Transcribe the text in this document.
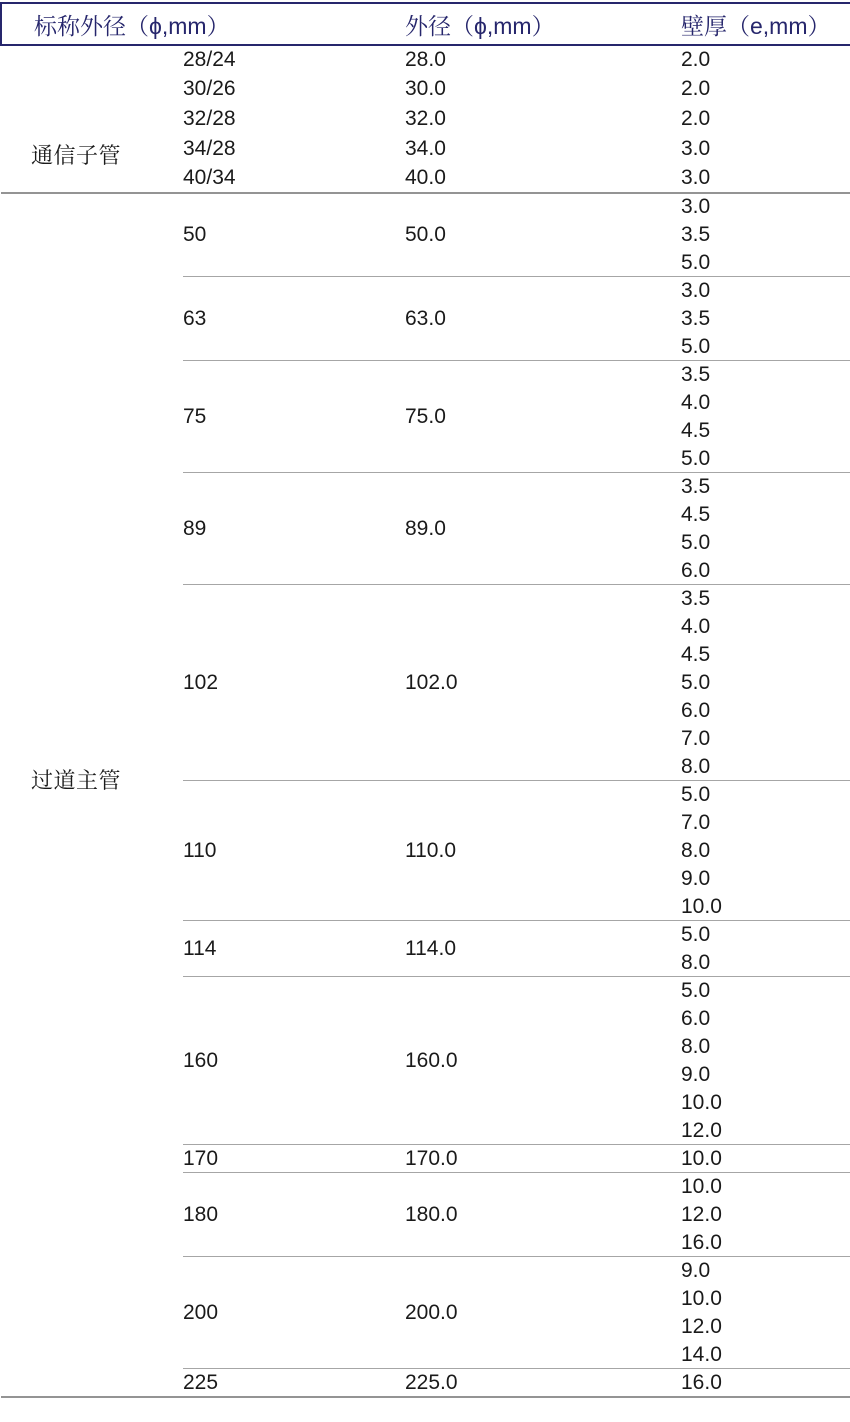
标称外径（ϕ,mm）		外径（ϕ,mm）	壁厚（e,mm）
通信子管	28/24	28.0	2.0
	30/26	30.0	2.0
	32/28	32.0	2.0
	34/28	34.0	3.0
	40/34	40.0	3.0
过道主管	50	50.0	3.0
			3.5
			5.0
	63	63.0	3.0
			3.5
			5.0
	75	75.0	3.5
			4.0
			4.5
			5.0
	89	89.0	3.5
			4.5
			5.0
			6.0
	102	102.0	3.5
			4.0
			4.5
			5.0
			6.0
			7.0
			8.0
	110	110.0	5.0
			7.0
			8.0
			9.0
			10.0
	114	114.0	5.0
			8.0
	160	160.0	5.0
			6.0
			8.0
			9.0
			10.0
			12.0
	170	170.0	10.0
	180	180.0	10.0
			12.0
			16.0
	200	200.0	9.0
			10.0
			12.0
			14.0
	225	225.0	16.0
